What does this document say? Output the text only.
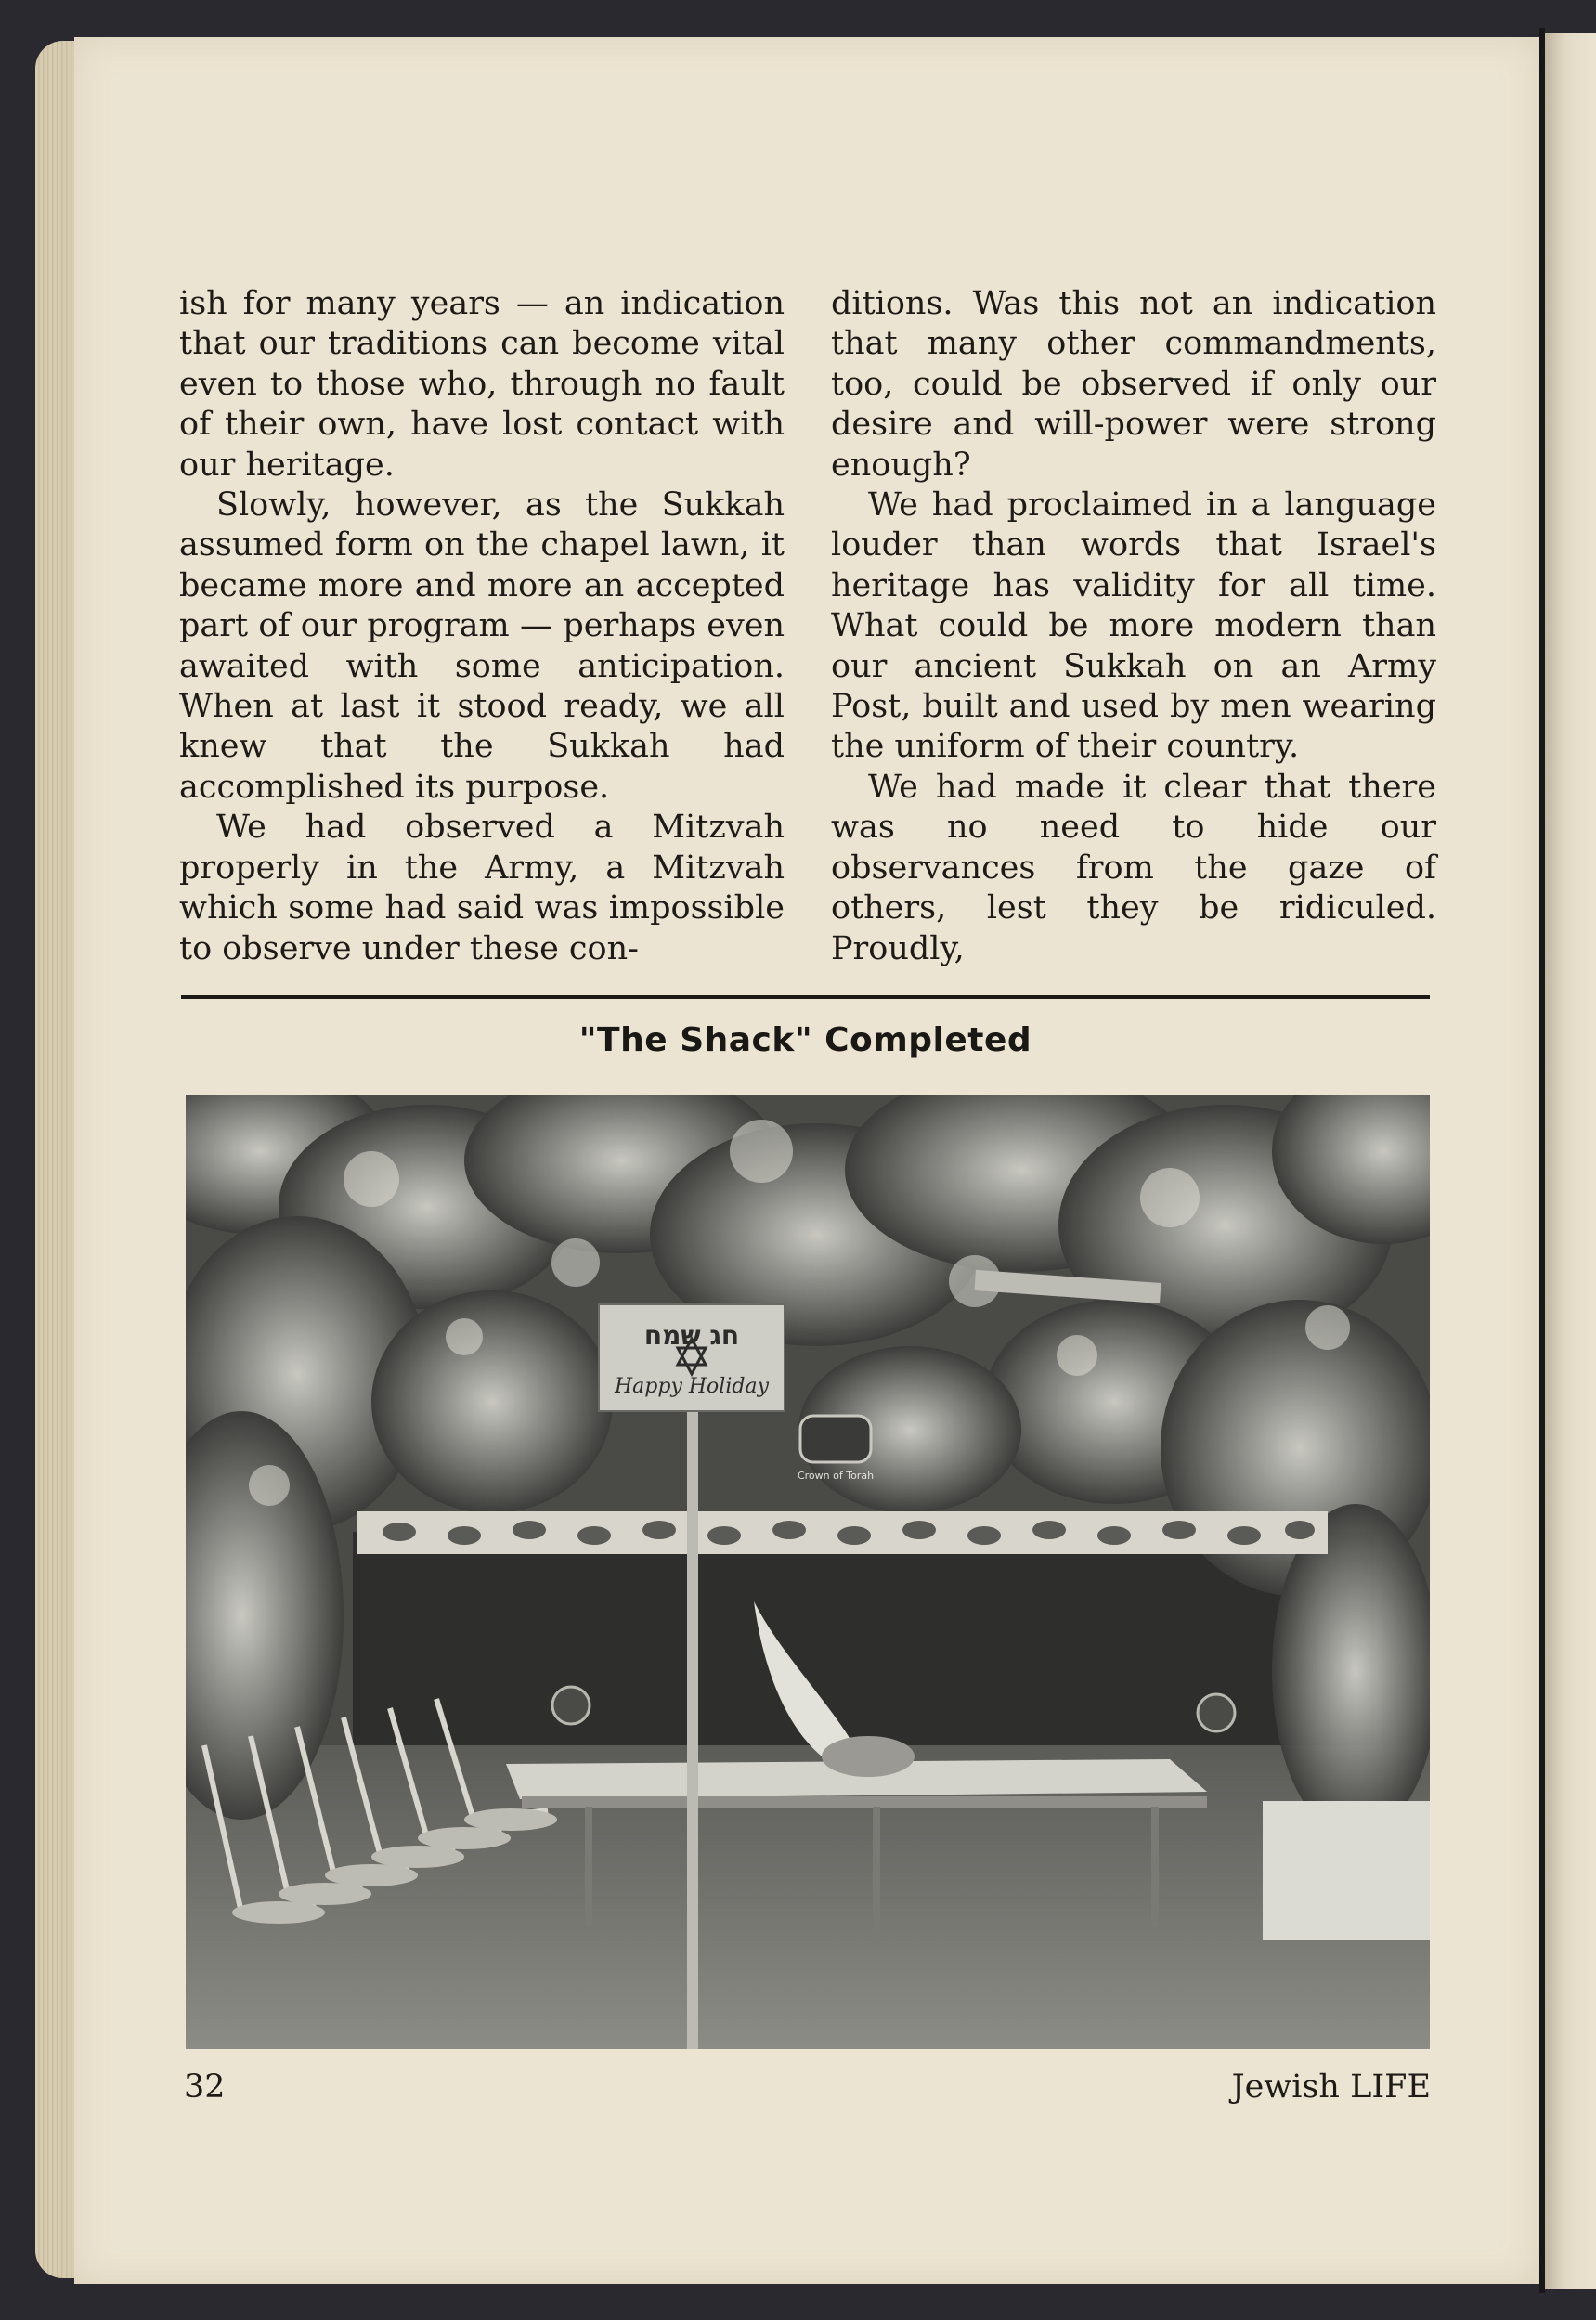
ish for many years — an indication that our traditions can become vital even to those who, through no fault of their own, have lost contact with our heritage.

Slowly, however, as the Sukkah assumed form on the chapel lawn, it became more and more an accepted part of our program — perhaps even awaited with some anticipation. When at last it stood ready, we all knew that the Sukkah had accomplished its purpose.

We had observed a Mitzvah properly in the Army, a Mitzvah which some had said was impossible to observe under these con-

ditions. Was this not an indication that many other commandments, too, could be observed if only our desire and will-power were strong enough?

We had proclaimed in a language louder than words that Israel's heritage has validity for all time. What could be more modern than our ancient Sukkah on an Army Post, built and used by men wearing the uniform of their country.

We had made it clear that there was no need to hide our observances from the gaze of others, lest they be ridiculed. Proudly,

"The Shack" Completed
Crown of Torah
חג שמח
Happy Holiday
32	Jewish LIFE
